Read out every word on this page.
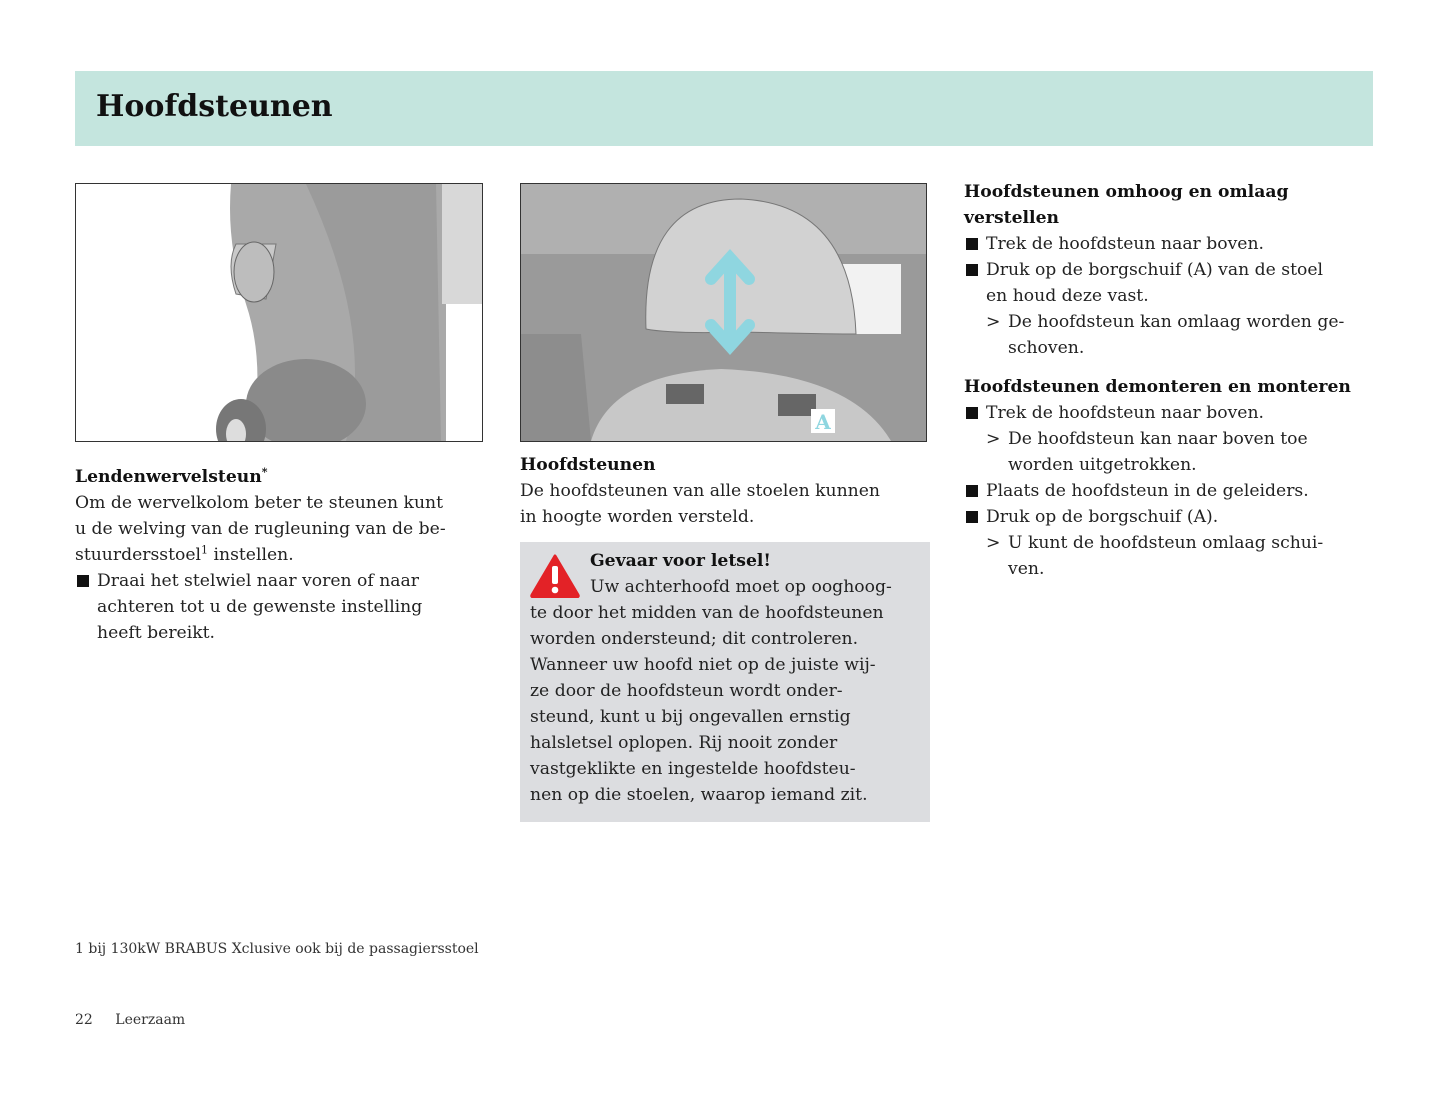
Hoofdsteunen
A
Lendenwervelsteun*
Om de wervelkolom beter te steunen kunt
u de welving van de rugleuning van de be-
stuurdersstoel$^1$ instellen.
Draai het stelwiel naar voren of naar
achteren tot u de gewenste instelling
heeft bereikt.
Hoofdsteunen
De hoofdsteunen van alle stoelen kunnen
in hoogte worden versteld.
Gevaar voor letsel!
Uw achterhoofd moet op ooghoog-
te door het midden van de hoofdsteunen
worden ondersteund; dit controleren.
Wanneer uw hoofd niet op de juiste wij-
ze door de hoofdsteun wordt onder-
steund, kunt u bij ongevallen ernstig
halsletsel oplopen. Rij nooit zonder
vastgeklikte en ingestelde hoofdsteu-
nen op die stoelen, waarop iemand zit.
Hoofdsteunen omhoog en omlaag
verstellen
Trek de hoofdsteun naar boven.
Druk op de borgschuif (A) van de stoel
en houd deze vast.
> De hoofdsteun kan omlaag worden ge-
schoven.
Hoofdsteunen demonteren en monteren
Trek de hoofdsteun naar boven.
> De hoofdsteun kan naar boven toe
worden uitgetrokken.
Plaats de hoofdsteun in de geleiders.
Druk op de borgschuif (A).
> U kunt de hoofdsteun omlaag schui-
ven.
1 bij 130kW BRABUS Xclusive ook bij de passagiersstoel
22 Leerzaam
